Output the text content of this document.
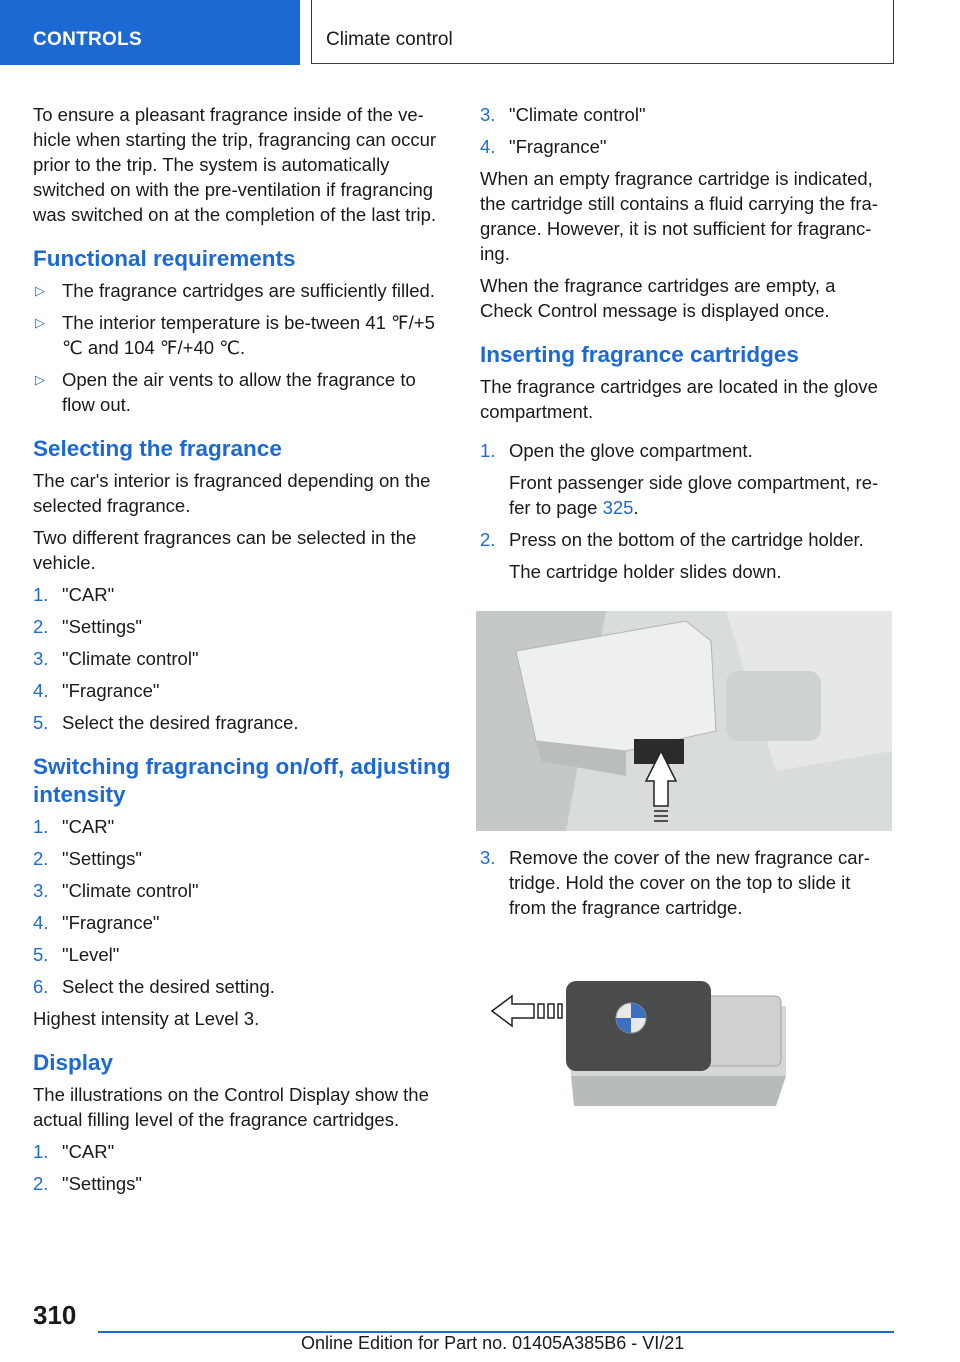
CONTROLS	Climate control

To ensure a pleasant fragrance inside of the ve-hicle when starting the trip, fragrancing can occur prior to the trip. The system is automatically switched on with the pre-ventilation if fragrancing was switched on at the completion of the last trip.

Functional requirements
▷ The fragrance cartridges are sufficiently filled.
▷ The interior temperature is be-tween 41 ℉/+5 ℃ and 104 ℉/+40 ℃.
▷ Open the air vents to allow the fragrance to flow out.
Selecting the fragrance

The car's interior is fragranced depending on the selected fragrance.

Two different fragrances can be selected in the vehicle.

1. "CAR"
2. "Settings"
3. "Climate control"
4. "Fragrance"
5. Select the desired fragrance.
Switching fragrancing on/off, adjusting intensity
1. "CAR"
2. "Settings"
3. "Climate control"
4. "Fragrance"
5. "Level"
6. Select the desired setting.

Highest intensity at Level 3.

Display

The illustrations on the Control Display show the actual filling level of the fragrance cartridges.

1. "CAR"
2. "Settings"
3. "Climate control"
4. "Fragrance"

When an empty fragrance cartridge is indicated, the cartridge still contains a fluid carrying the fra-grance. However, it is not sufficient for fragranc-ing.

When the fragrance cartridges are empty, a Check Control message is displayed once.

Inserting fragrance cartridges

The fragrance cartridges are located in the glove compartment.

1. Open the glove compartment.

Front passenger side glove compartment, re-fer to page 325.

2. Press on the bottom of the cartridge holder.

The cartridge holder slides down.

3. Remove the cover of the new fragrance car-tridge. Hold the cover on the top to slide it from the fragrance cartridge.
310
Online Edition for Part no. 01405A385B6 - VI/21
